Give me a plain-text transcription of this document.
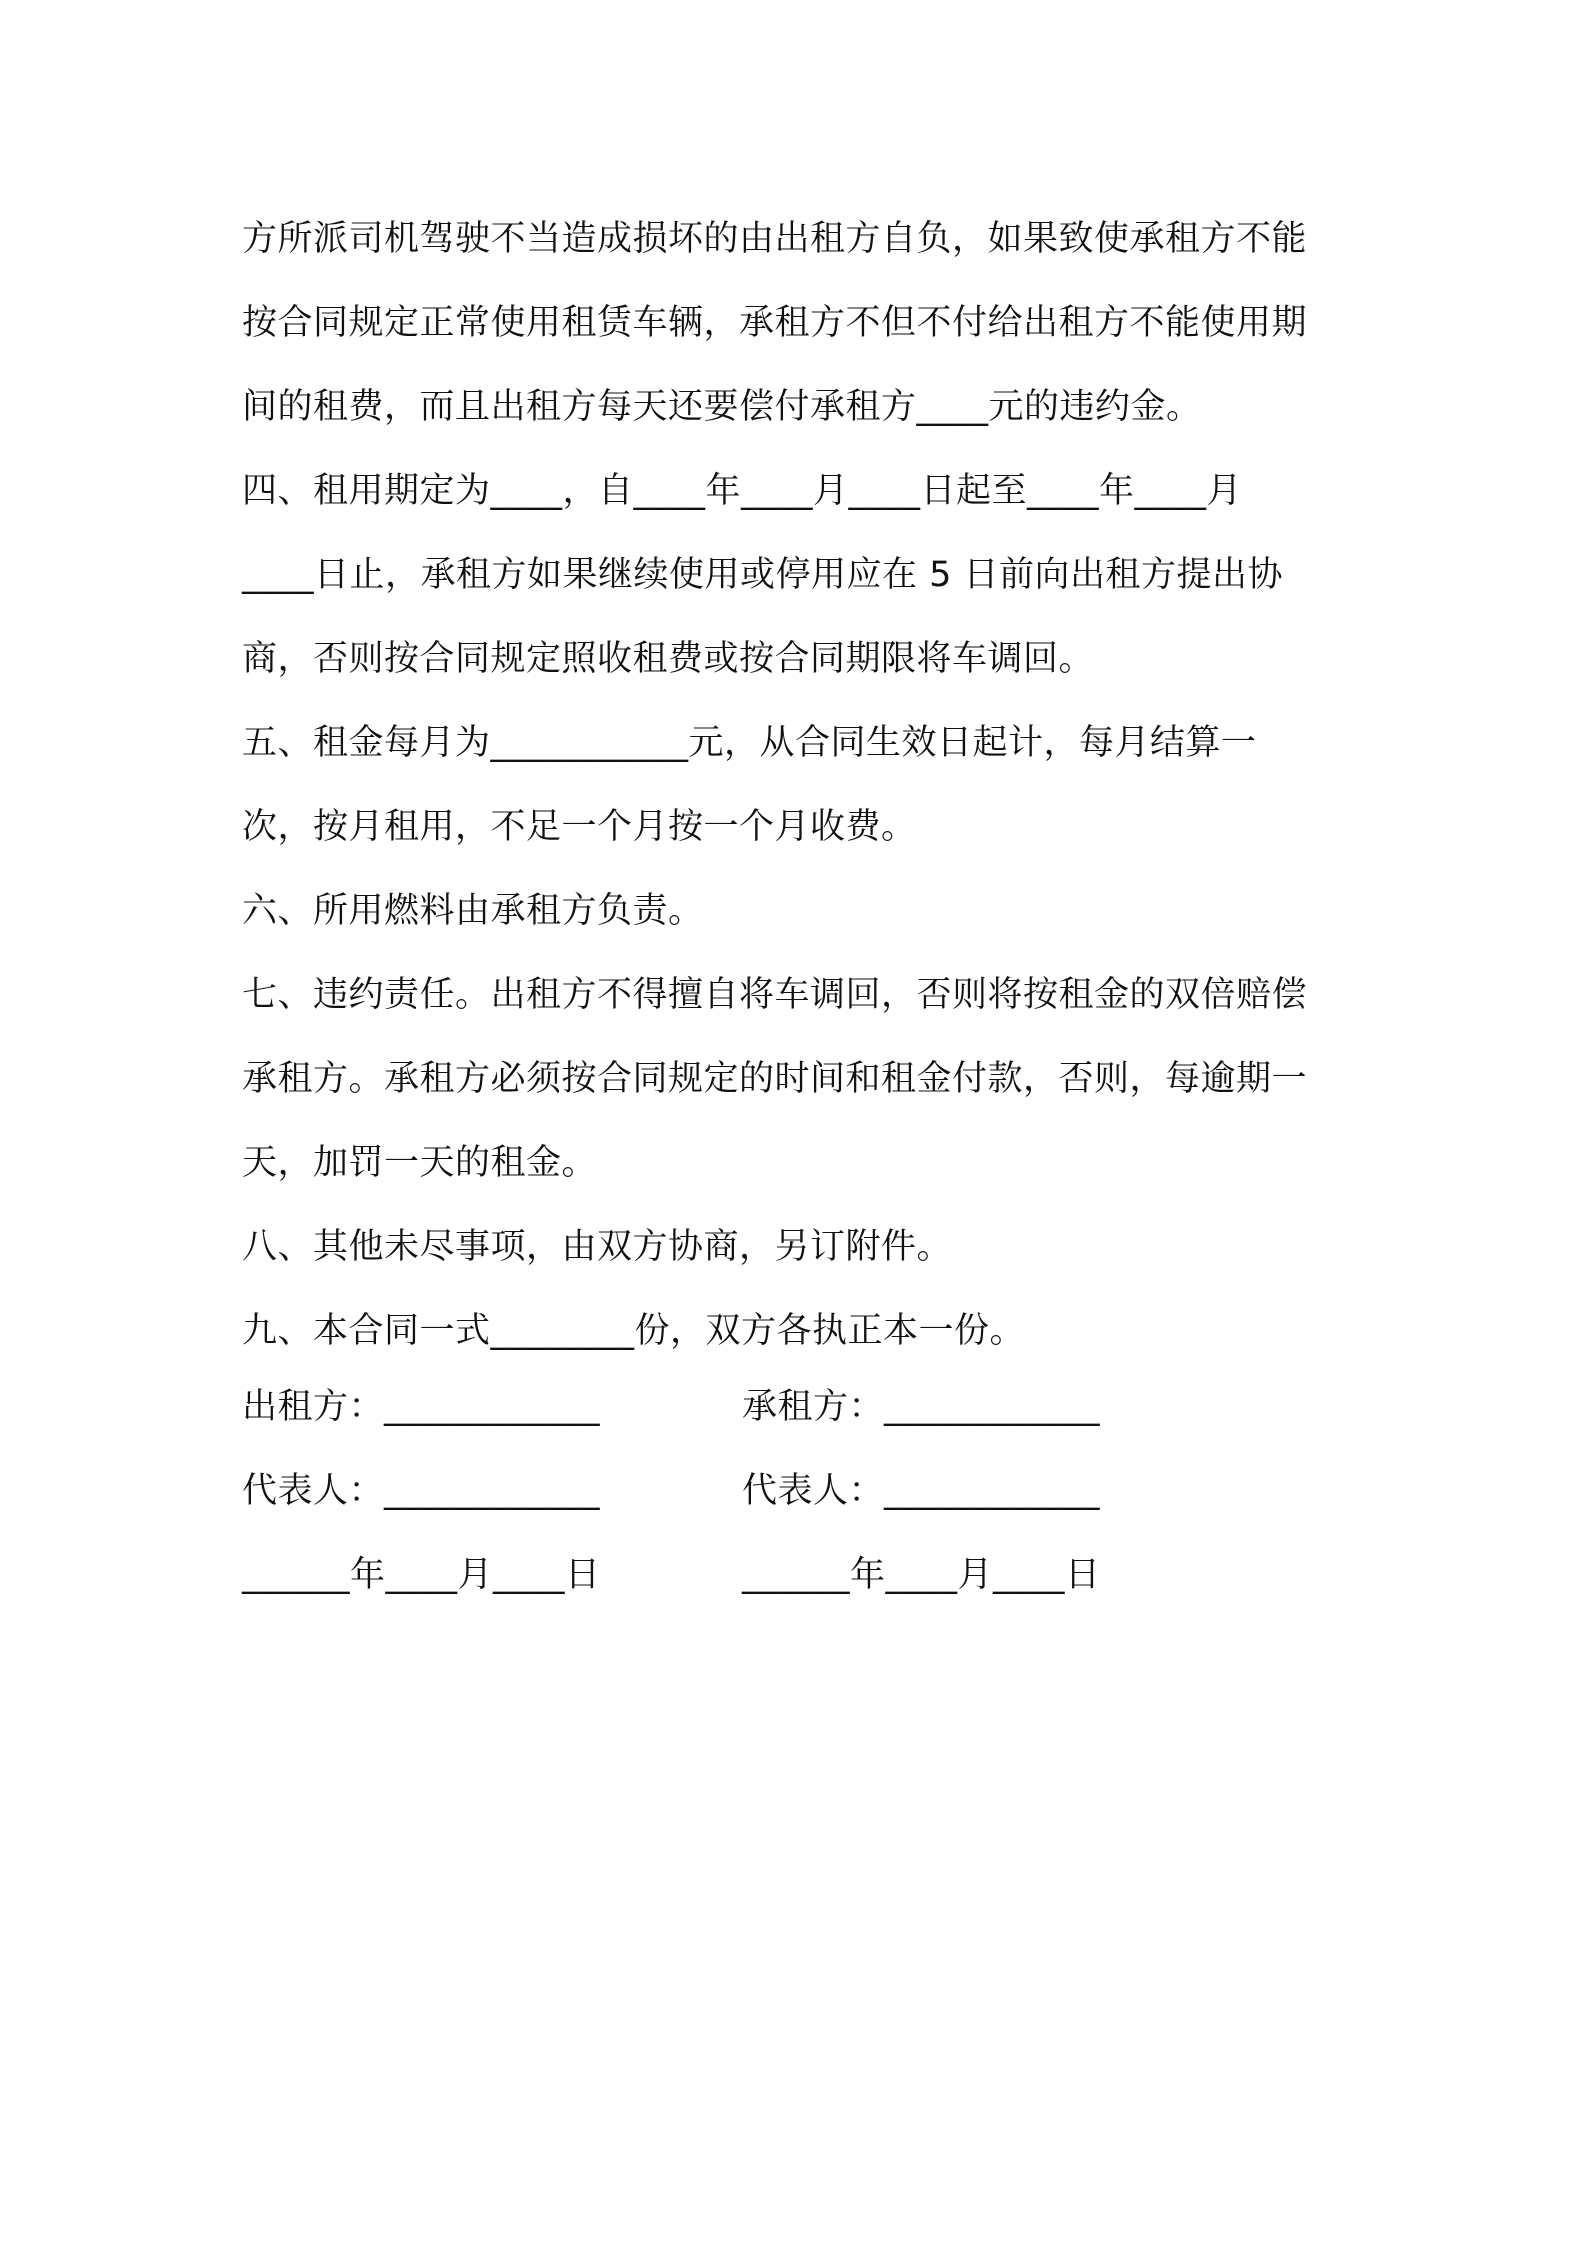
方所派司机驾驶不当造成损坏的由出租方自负，如果致使承租方不能
按合同规定正常使用租赁车辆，承租方不但不付给出租方不能使用期
间的租费，而且出租方每天还要偿付承租方____元的违约金。
四、租用期定为____，自____年____月____日起至____年____月
____日止，承租方如果继续使用或停用应在 5 日前向出租方提出协
商，否则按合同规定照收租费或按合同期限将车调回。
五、租金每月为___________元，从合同生效日起计，每月结算一
次，按月租用，不足一个月按一个月收费。
六、所用燃料由承租方负责。
七、违约责任。出租方不得擅自将车调回，否则将按租金的双倍赔偿
承租方。承租方必须按合同规定的时间和租金付款，否则，每逾期一
天，加罚一天的租金。
八、其他未尽事项，由双方协商，另订附件。
九、本合同一式________份，双方各执正本一份。
出租方：____________	承租方：____________
代表人：____________	代表人：____________
______年____月____日	______年____月____日
